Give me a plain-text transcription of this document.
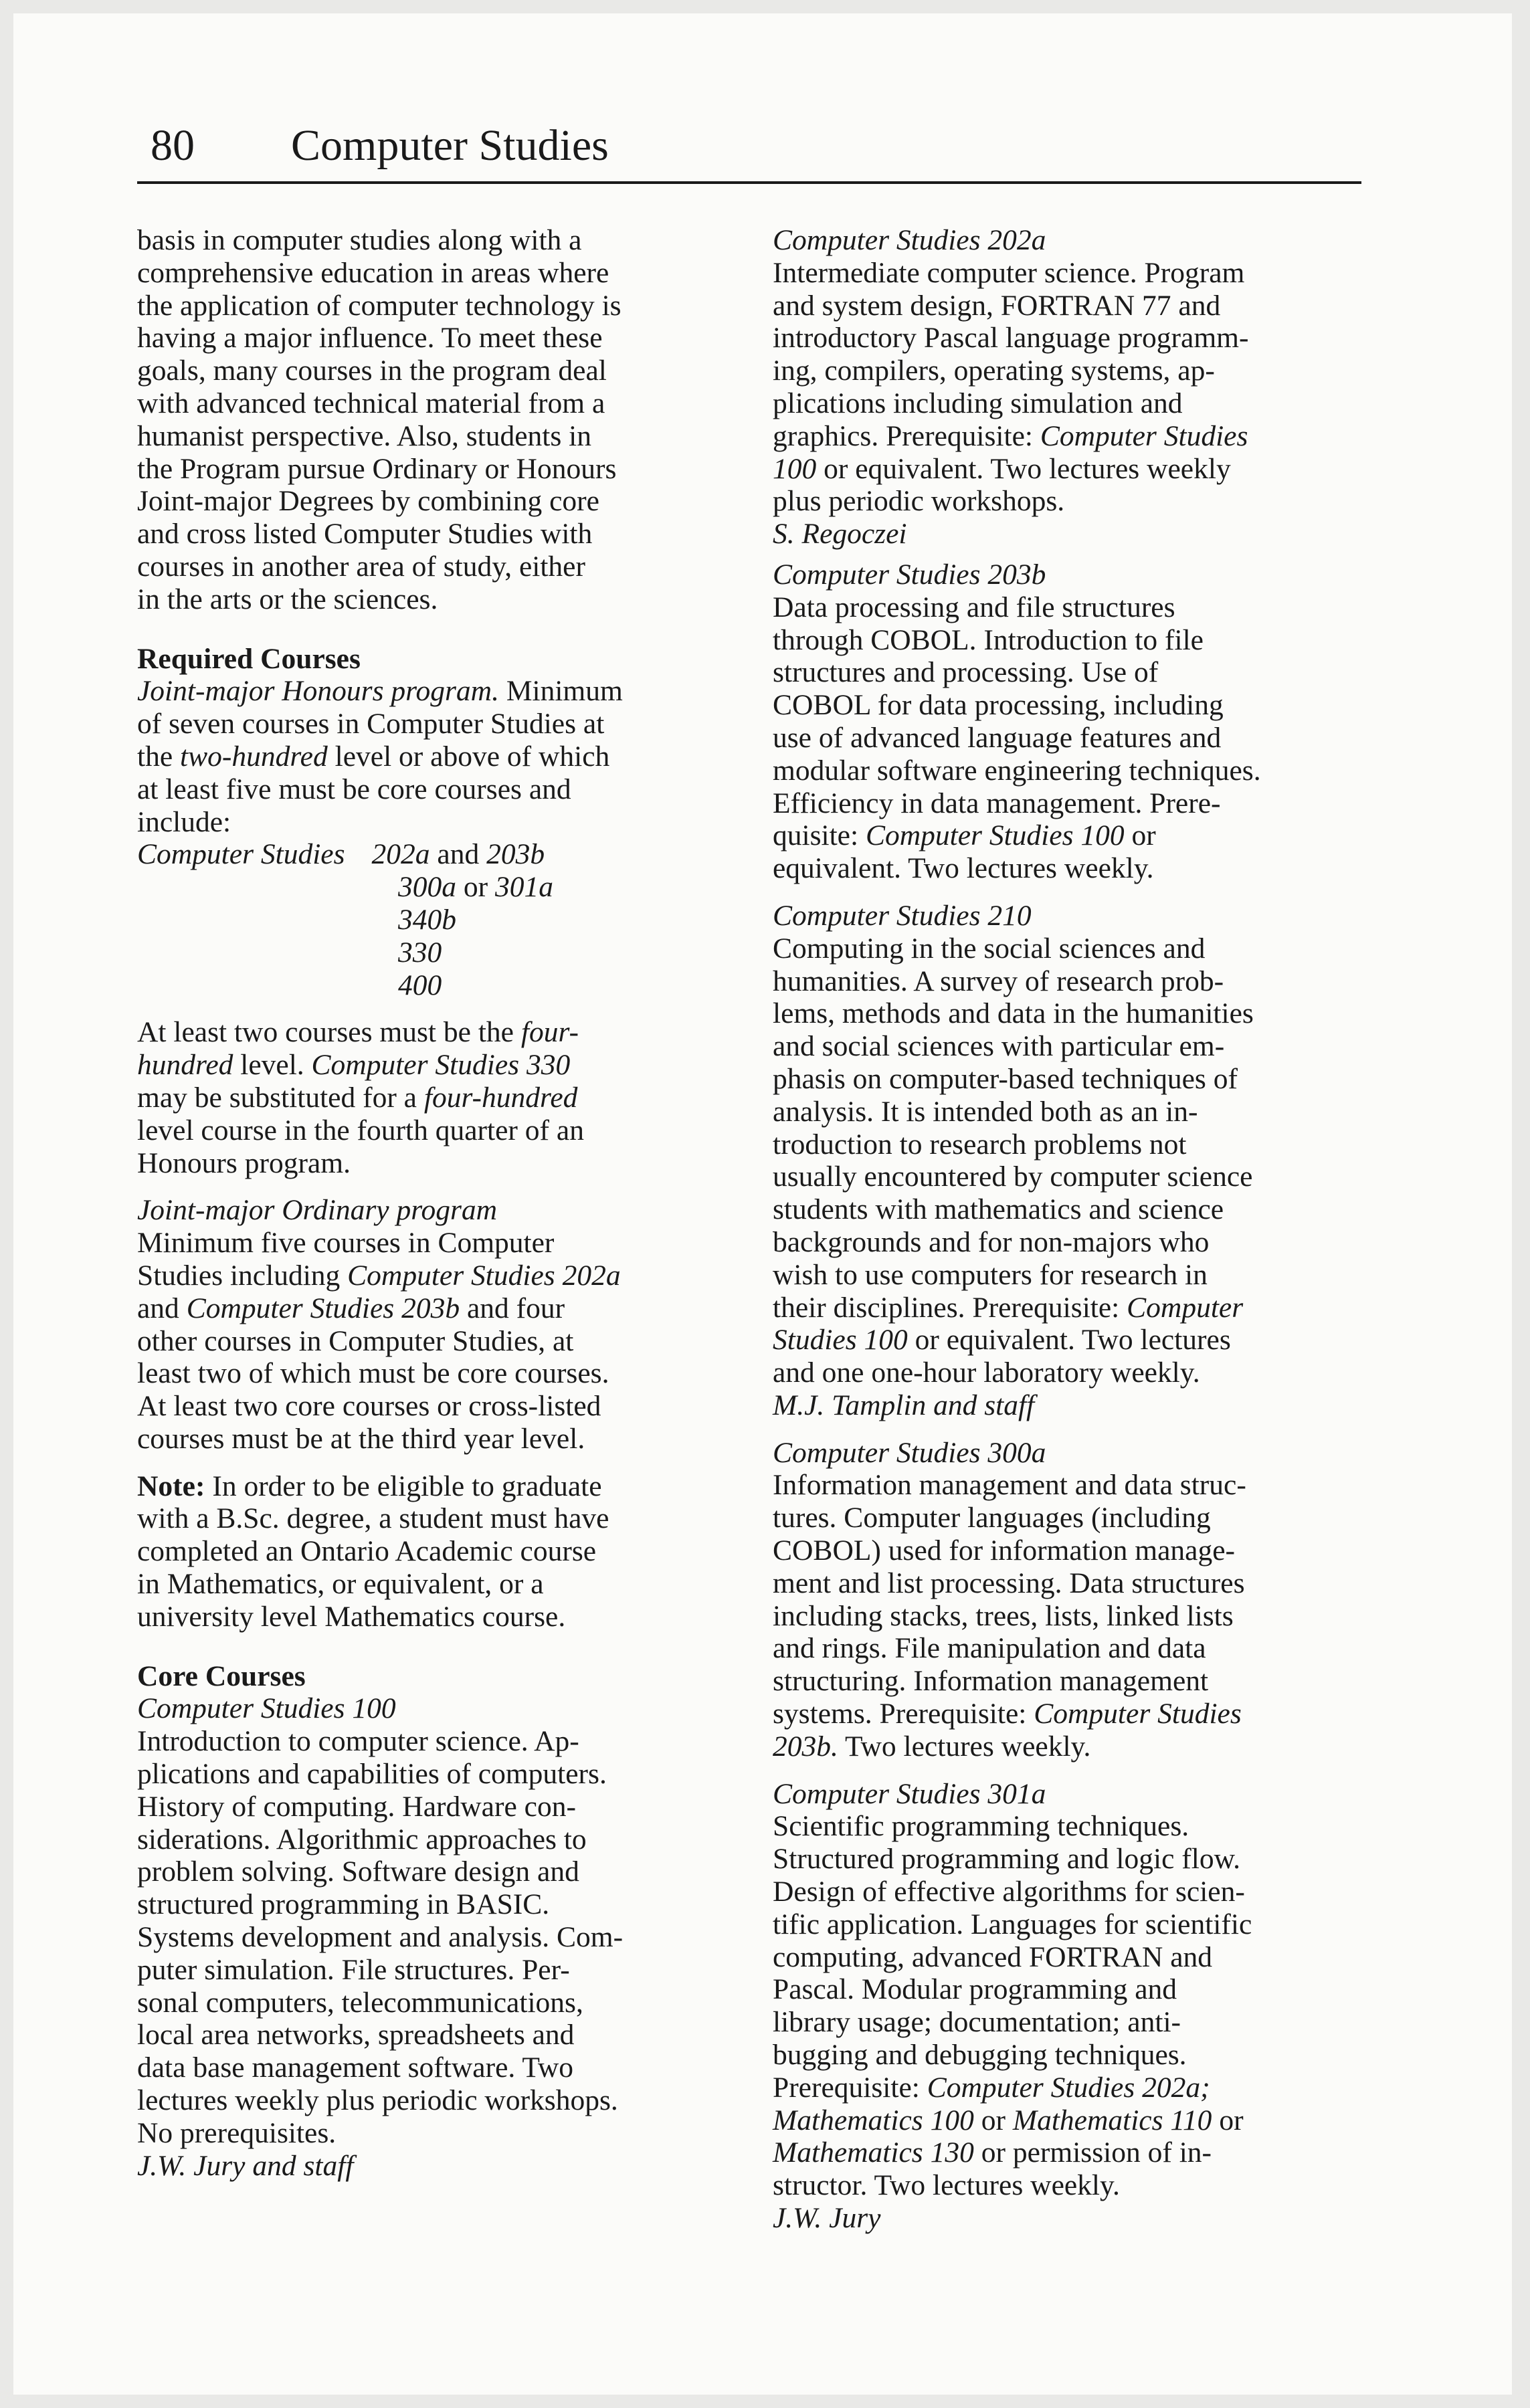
80 Computer Studies
basis in computer studies along with a
comprehensive education in areas where
the application of computer technology is
having a major influence. To meet these
goals, many courses in the program deal
with advanced technical material from a
humanist perspective. Also, students in
the Program pursue Ordinary or Honours
Joint-major Degrees by combining core
and cross listed Computer Studies with
courses in another area of study, either
in the arts or the sciences.
Required Courses
Joint-major Honours program. Minimum
of seven courses in Computer Studies at
the two-hundred level or above of which
at least five must be core courses and
include:
Computer Studies 202a and 203b
300a or 301a
340b
330
400
At least two courses must be the four-
hundred level. Computer Studies 330
may be substituted for a four-hundred
level course in the fourth quarter of an
Honours program.
Joint-major Ordinary program
Minimum five courses in Computer
Studies including Computer Studies 202a
and Computer Studies 203b and four
other courses in Computer Studies, at
least two of which must be core courses.
At least two core courses or cross-listed
courses must be at the third year level.
Note: In order to be eligible to graduate
with a B.Sc. degree, a student must have
completed an Ontario Academic course
in Mathematics, or equivalent, or a
university level Mathematics course.
Core Courses
Computer Studies 100
Introduction to computer science. Ap-
plications and capabilities of computers.
History of computing. Hardware con-
siderations. Algorithmic approaches to
problem solving. Software design and
structured programming in BASIC.
Systems development and analysis. Com-
puter simulation. File structures. Per-
sonal computers, telecommunications,
local area networks, spreadsheets and
data base management software. Two
lectures weekly plus periodic workshops.
No prerequisites.
J.W. Jury and staff
Computer Studies 202a
Intermediate computer science. Program
and system design, FORTRAN 77 and
introductory Pascal language programm-
ing, compilers, operating systems, ap-
plications including simulation and
graphics. Prerequisite: Computer Studies
100 or equivalent. Two lectures weekly
plus periodic workshops.
S. Regoczei
Computer Studies 203b
Data processing and file structures
through COBOL. Introduction to file
structures and processing. Use of
COBOL for data processing, including
use of advanced language features and
modular software engineering techniques.
Efficiency in data management. Prere-
quisite: Computer Studies 100 or
equivalent. Two lectures weekly.
Computer Studies 210
Computing in the social sciences and
humanities. A survey of research prob-
lems, methods and data in the humanities
and social sciences with particular em-
phasis on computer-based techniques of
analysis. It is intended both as an in-
troduction to research problems not
usually encountered by computer science
students with mathematics and science
backgrounds and for non-majors who
wish to use computers for research in
their disciplines. Prerequisite: Computer
Studies 100 or equivalent. Two lectures
and one one-hour laboratory weekly.
M.J. Tamplin and staff
Computer Studies 300a
Information management and data struc-
tures. Computer languages (including
COBOL) used for information manage-
ment and list processing. Data structures
including stacks, trees, lists, linked lists
and rings. File manipulation and data
structuring. Information management
systems. Prerequisite: Computer Studies
203b. Two lectures weekly.
Computer Studies 301a
Scientific programming techniques.
Structured programming and logic flow.
Design of effective algorithms for scien-
tific application. Languages for scientific
computing, advanced FORTRAN and
Pascal. Modular programming and
library usage; documentation; anti-
bugging and debugging techniques.
Prerequisite: Computer Studies 202a;
Mathematics 100 or Mathematics 110 or
Mathematics 130 or permission of in-
structor. Two lectures weekly.
J.W. Jury
